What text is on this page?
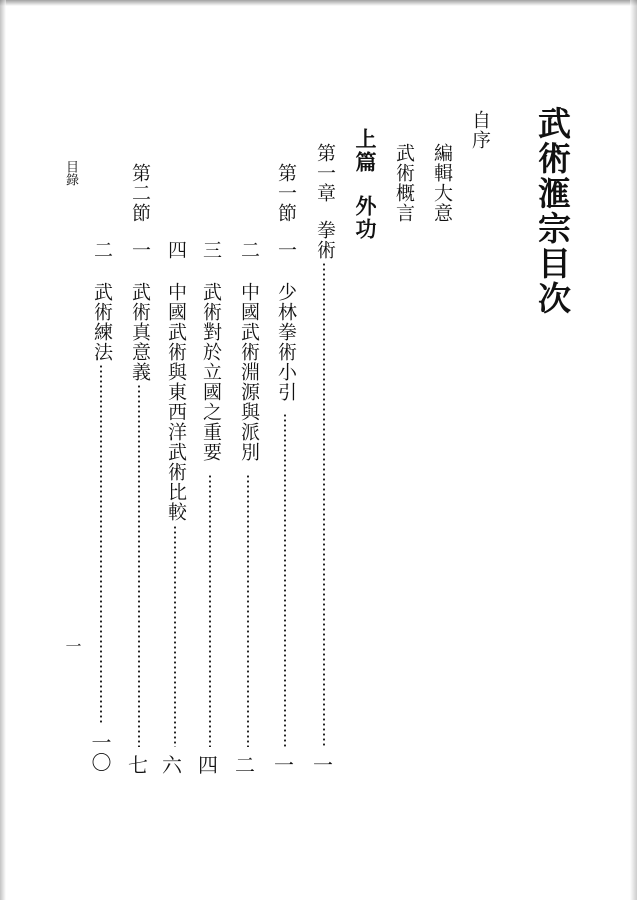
武術滙宗目次
自序
編輯大意
武術概言
上篇
外功
第一章
拳術
一
第一節
一
少林拳術小引
一
二
中國武術淵源與派別
二
三
武術對於立國之重要
四
四
中國武術與東西洋武術比較
六
第二節
一
武術真意義
七
二
武術練法
一〇
目錄
一
